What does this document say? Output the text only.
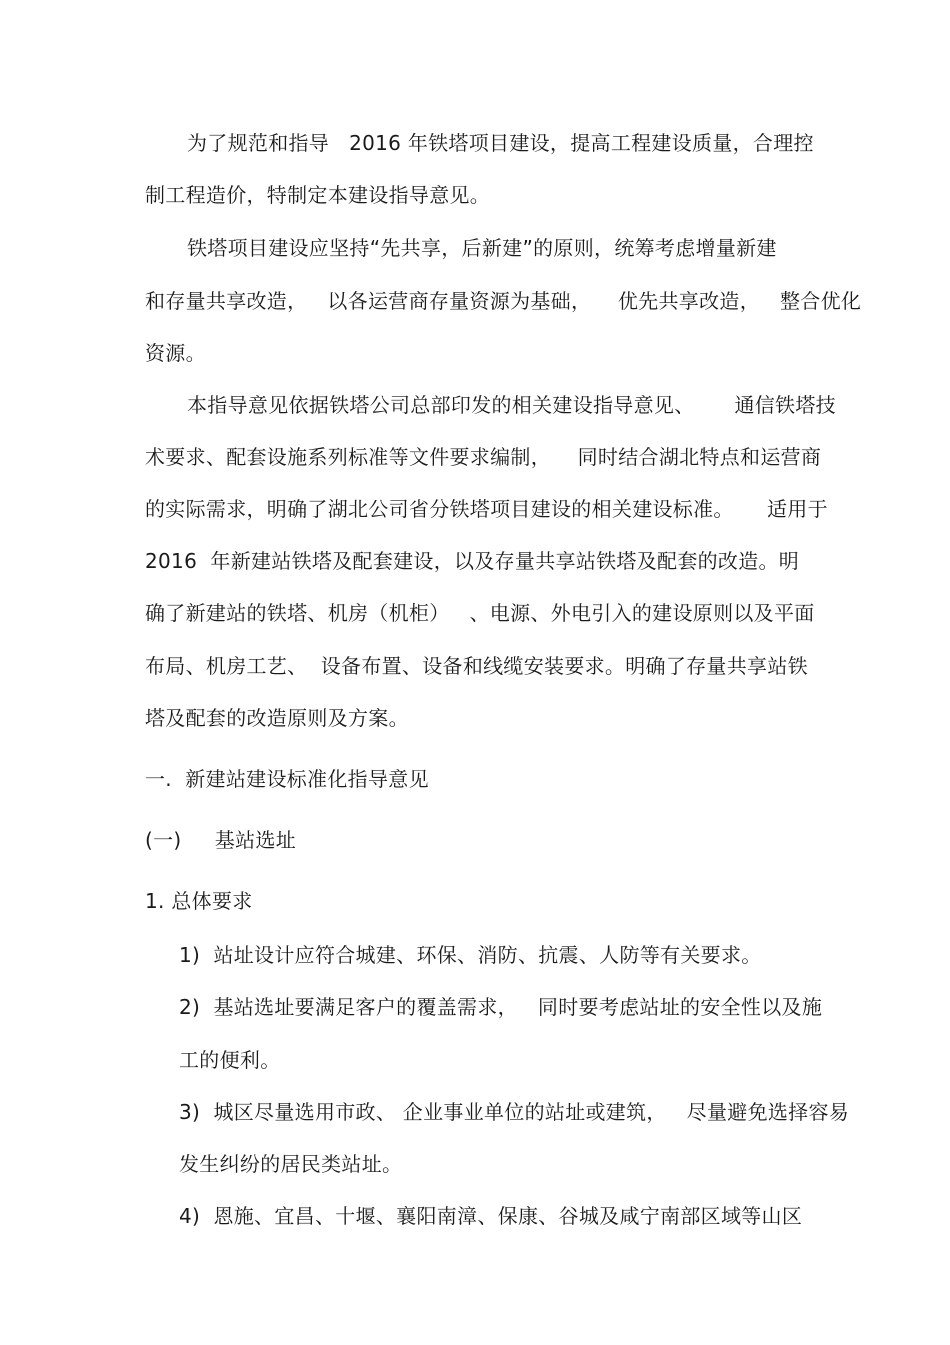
为了规范和指导   2016 年铁塔项目建设，提高工程建设质量，合理控
制工程造价，特制定本建设指导意见。
铁塔项目建设应坚持“先共享，后新建”的原则，统筹考虑增量新建
和存量共享改造，   以各运营商存量资源为基础，    优先共享改造，   整合优化
资源。
本指导意见依据铁塔公司总部印发的相关建设指导意见、      通信铁塔技
术要求、配套设施系列标准等文件要求编制，    同时结合湖北特点和运营商
的实际需求，明确了湖北公司省分铁塔项目建设的相关建设标准。     适用于
2016  年新建站铁塔及配套建设，以及存量共享站铁塔及配套的改造。明
确了新建站的铁塔、机房（机柜）   、电源、外电引入的建设原则以及平面
布局、机房工艺、  设备布置、设备和线缆安装要求。明确了存量共享站铁
塔及配套的改造原则及方案。
一.  新建站建设标准化指导意见
(一)     基站选址
1. 总体要求
1)  站址设计应符合城建、环保、消防、抗震、人防等有关要求。
2)  基站选址要满足客户的覆盖需求，   同时要考虑站址的安全性以及施
工的便利。
3)  城区尽量选用市政、 企业事业单位的站址或建筑，   尽量避免选择容易
发生纠纷的居民类站址。
4)  恩施、宜昌、十堰、襄阳南漳、保康、谷城及咸宁南部区域等山区
